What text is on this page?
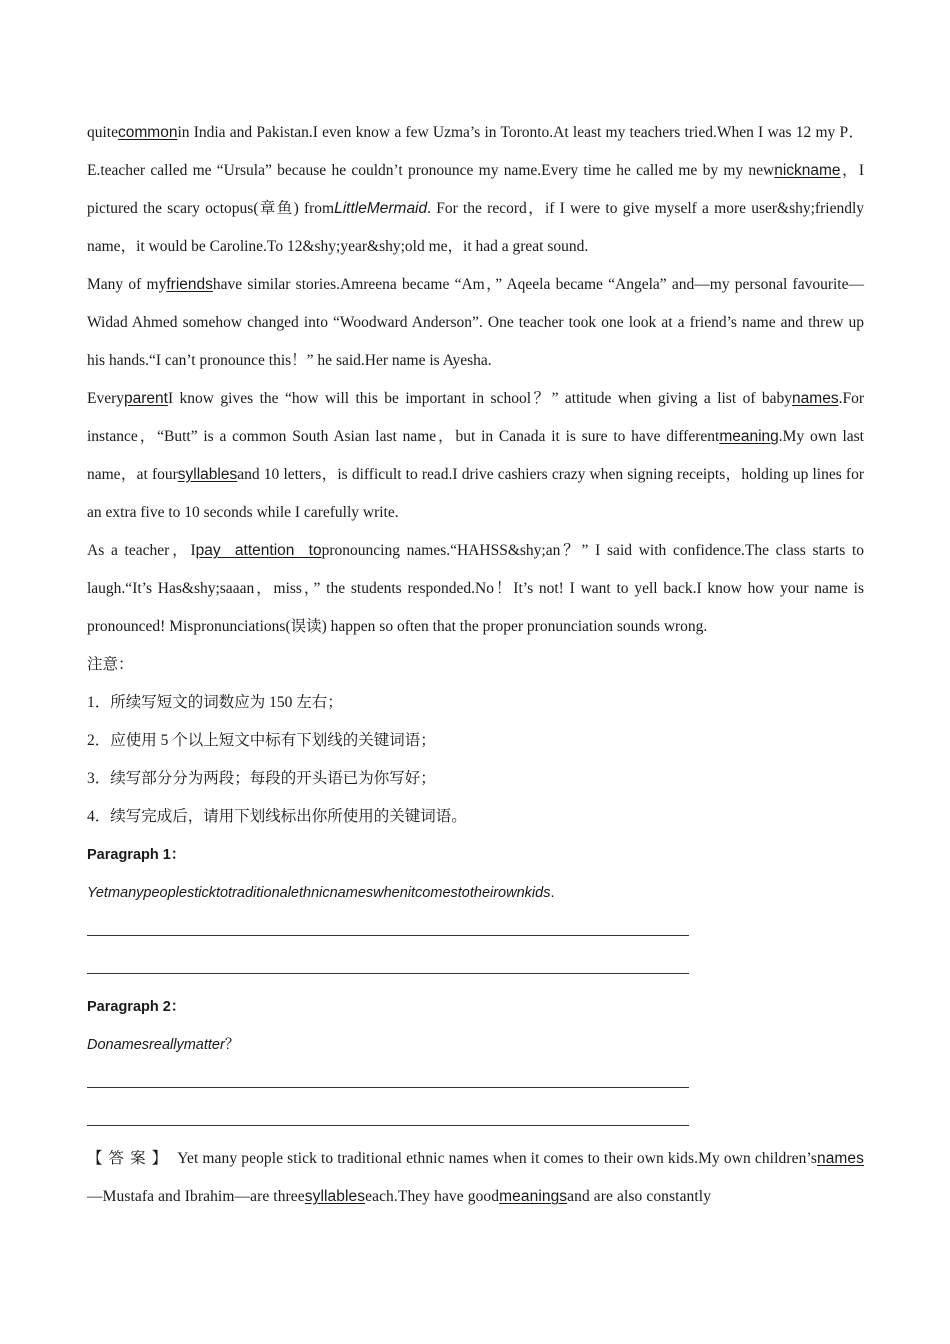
quitecommonin India and Pakistan.I even know a few Uzma’s in Toronto.At least my teachers tried.When I was 12 my P． E.teacher called me “Ursula” because he couldn’t pronounce my name.Every time he called me by my newnickname，I pictured the scary octopus(章鱼) fromLittleMermaid. For the record，if I were to give myself a more user&shy;friendly name，it would be Caroline.To 12&shy;year&shy;old me，it had a great sound.

Many of myfriendshave similar stories.Amreena became “Am，” Aqeela became “Angela” and—my personal favourite—Widad Ahmed somehow changed into “Woodward Anderson”. One teacher took one look at a friend’s name and threw up his hands.“I can’t pronounce this！” he said.Her name is Ayesha.

EveryparentI know gives the “how will this be important in school？” attitude when giving a list of babynames.For instance，“Butt” is a common South Asian last name，but in Canada it is sure to have differentmeaning.My own last name，at foursyllablesand 10 letters，is difficult to read.I drive cashiers crazy when signing receipts，holding up lines for an extra five to 10 seconds while I carefully write.

As a teacher，Ipay  attention  topronouncing names.“HAHSS&shy;an？” I said with confidence.The class starts to laugh.“It’s Has&shy;saaan，miss，” the students responded.No！It’s not! I want to yell back.I know how your name is pronounced! Mispronunciations(误读) happen so often that the proper pronunciation sounds wrong.

注意：

1．所续写短文的词数应为 150 左右；

2．应使用 5 个以上短文中标有下划线的关键词语；

3．续写部分分为两段；每段的开头语已为你写好；

4．续写完成后，请用下划线标出你所使用的关键词语。

Paragraph 1：

Yetmanypeoplesticktotraditionalethnicnameswhenitcomestotheirownkids.

Paragraph 2：

Donamesreallymatter？

【答案】 Yet many people stick to traditional ethnic names when it comes to their own kids.My own children’snames—Mustafa and Ibrahim—are threesyllableseach.They have goodmeaningsand are also constantly
